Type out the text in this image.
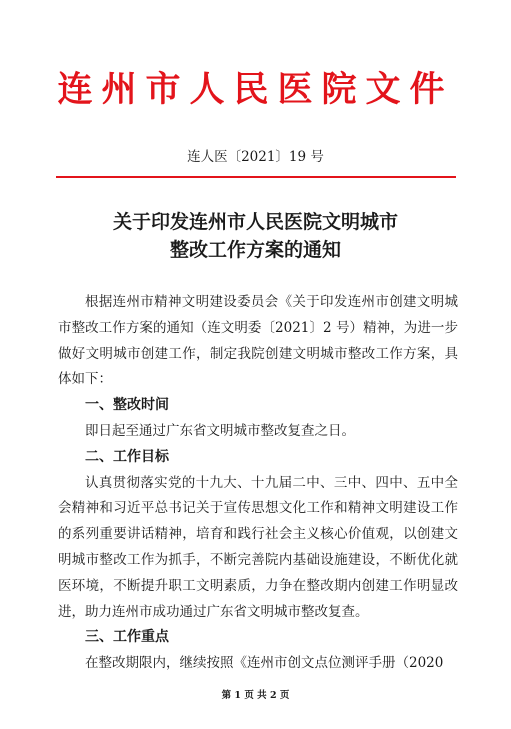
连州市人民医院文件
连人医〔2021〕19 号
关于印发连州市人民医院文明城市
整改工作方案的通知

根据连州市精神文明建设委员会《关于印发连州市创建文明城市整改工作方案的通知（连文明委〔2021〕2 号）精神，为进一步做好文明城市创建工作，制定我院创建文明城市整改工作方案，具体如下：

一、整改时间

即日起至通过广东省文明城市整改复查之日。

二、工作目标

认真贯彻落实党的十九大、十九届二中、三中、四中、五中全会精神和习近平总书记关于宣传思想文化工作和精神文明建设工作的系列重要讲话精神，培育和践行社会主义核心价值观，以创建文明城市整改工作为抓手，不断完善院内基础设施建设，不断优化就医环境，不断提升职工文明素质，力争在整改期内创建工作明显改进，助力连州市成功通过广东省文明城市整改复查。

三、工作重点

在整改期限内，继续按照《连州市创文点位测评手册（2020

第 1 页 共 2 页
